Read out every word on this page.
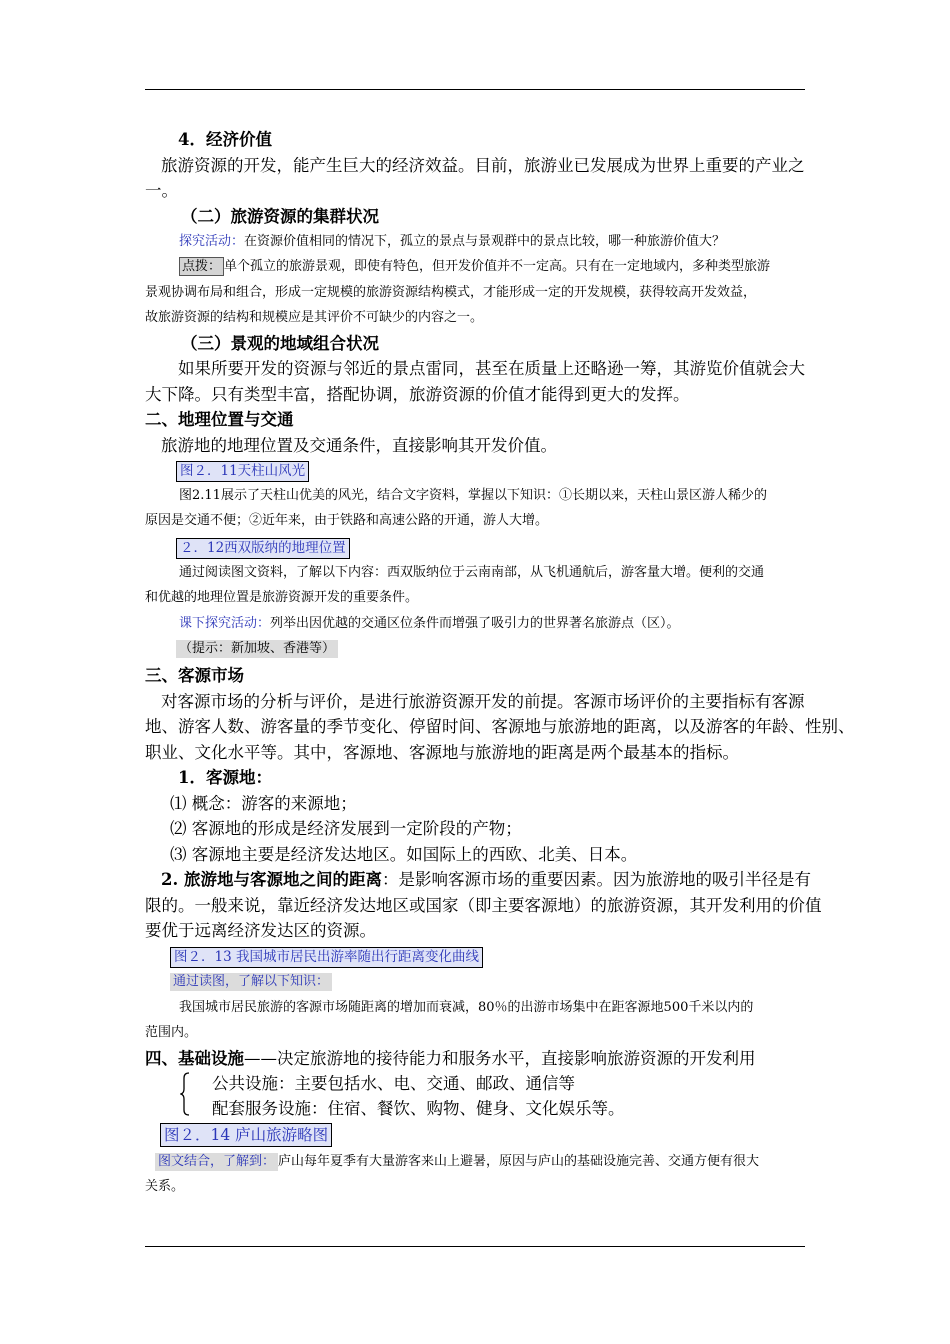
4．经济价值
旅游资源的开发，能产生巨大的经济效益。目前，旅游业已发展成为世界上重要的产业之
一。
（二）旅游资源的集群状况
探究活动：在资源价值相同的情况下，孤立的景点与景观群中的景点比较，哪一种旅游价值大？
点拨： 单个孤立的旅游景观，即使有特色，但开发价值并不一定高。只有在一定地域内，多种类型旅游
景观协调布局和组合，形成一定规模的旅游资源结构模式，才能形成一定的开发规模，获得较高开发效益，
故旅游资源的结构和规模应是其评价不可缺少的内容之一。
（三）景观的地域组合状况
如果所要开发的资源与邻近的景点雷同，甚至在质量上还略逊一筹，其游览价值就会大
大下降。只有类型丰富，搭配协调，旅游资源的价值才能得到更大的发挥。
二、地理位置与交通
旅游地的地理位置及交通条件，直接影响其开发价值。
图２．11天柱山风光
图2.11展示了天柱山优美的风光，结合文字资料，掌握以下知识：①长期以来，天柱山景区游人稀少的
原因是交通不便；②近年来，由于铁路和高速公路的开通，游人大增。
２．12西双版纳的地理位置
通过阅读图文资料，了解以下内容：西双版纳位于云南南部，从飞机通航后，游客量大增。便利的交通
和优越的地理位置是旅游资源开发的重要条件。
课下探究活动：列举出因优越的交通区位条件而增强了吸引力的世界著名旅游点（区）。
（提示：新加坡、香港等）
三、客源市场
对客源市场的分析与评价，是进行旅游资源开发的前提。客源市场评价的主要指标有客源
地、游客人数、游客量的季节变化、停留时间、客源地与旅游地的距离，以及游客的年龄、性别、
职业、文化水平等。其中，客源地、客源地与旅游地的距离是两个最基本的指标。
1．客源地：
⑴ 概念：游客的来源地；
⑵ 客源地的形成是经济发展到一定阶段的产物；
⑶ 客源地主要是经济发达地区。如国际上的西欧、北美、日本。
2. 旅游地与客源地之间的距离：是影响客源市场的重要因素。因为旅游地的吸引半径是有
限的。一般来说，靠近经济发达地区或国家（即主要客源地）的旅游资源，其开发利用的价值
要优于远离经济发达区的资源。
图２．13 我国城市居民出游率随出行距离变化曲线
通过读图，了解以下知识：
我国城市居民旅游的客源市场随距离的增加而衰减，80％的出游市场集中在距客源地500千米以内的
范围内。
四、基础设施——决定旅游地的接待能力和服务水平，直接影响旅游资源的开发利用
公共设施：主要包括水、电、交通、邮政、通信等
配套服务设施：住宿、餐饮、购物、健身、文化娱乐等。
图２．14 庐山旅游略图
图文结合，了解到： 庐山每年夏季有大量游客来山上避暑，原因与庐山的基础设施完善、交通方便有很大
关系。
